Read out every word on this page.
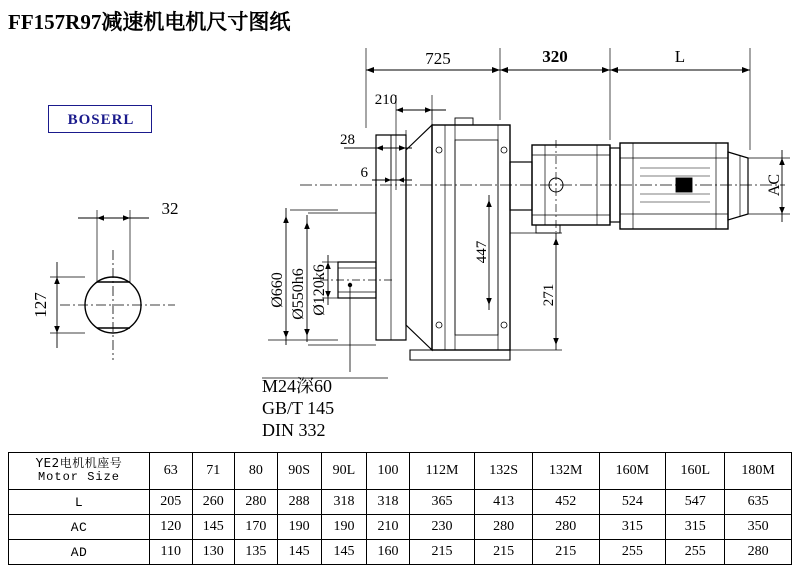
FF157R97减速机电机尺寸图纸
BOSERL
725	320	L
210
28
6
32
127	Ø660 Ø550h6 Ø120k6
447
271
AC
M24深60
GB/T 145
DIN 332
YE2电机机座号
Motor Size	63	71	80	90S	90L	100	112M	132S	132M	160M	160L	180M
L	205	260	280	288	318	318	365	413	452	524	547	635
AC	120	145	170	190	190	210	230	280	280	315	315	350
AD	110	130	135	145	145	160	215	215	215	255	255	280
